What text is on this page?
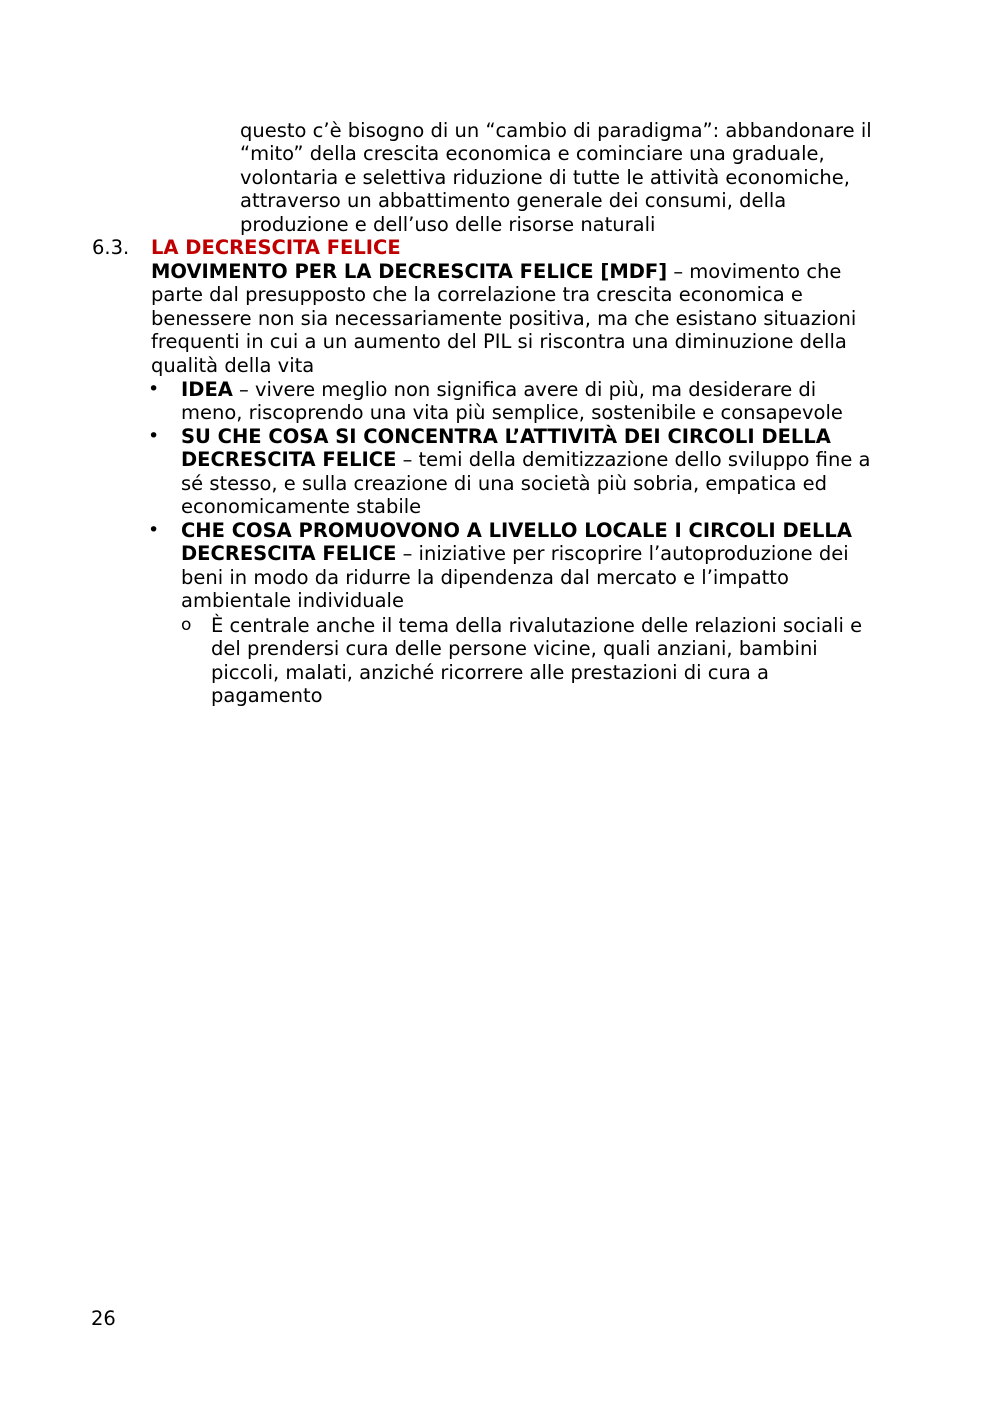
questo c’è bisogno di un “cambio di paradigma”: abbandonare il
“mito” della crescita economica e cominciare una graduale,
volontaria e selettiva riduzione di tutte le attività economiche,
attraverso un abbattimento generale dei consumi, della
produzione e dell’uso delle risorse naturali
6.3. LA DECRESCITA FELICE
MOVIMENTO PER LA DECRESCITA FELICE [MDF] – movimento che
parte dal presupposto che la correlazione tra crescita economica e
benessere non sia necessariamente positiva, ma che esistano situazioni
frequenti in cui a un aumento del PIL si riscontra una diminuzione della
qualità della vita
• IDEA – vivere meglio non significa avere di più, ma desiderare di
meno, riscoprendo una vita più semplice, sostenibile e consapevole
• SU CHE COSA SI CONCENTRA L’ATTIVITÀ DEI CIRCOLI DELLA
DECRESCITA FELICE – temi della demitizzazione dello sviluppo fine a
sé stesso, e sulla creazione di una società più sobria, empatica ed
economicamente stabile
• CHE COSA PROMUOVONO A LIVELLO LOCALE I CIRCOLI DELLA
DECRESCITA FELICE – iniziative per riscoprire l’autoproduzione dei
beni in modo da ridurre la dipendenza dal mercato e l’impatto
ambientale individuale
o È centrale anche il tema della rivalutazione delle relazioni sociali e
del prendersi cura delle persone vicine, quali anziani, bambini
piccoli, malati, anziché ricorrere alle prestazioni di cura a
pagamento
26
